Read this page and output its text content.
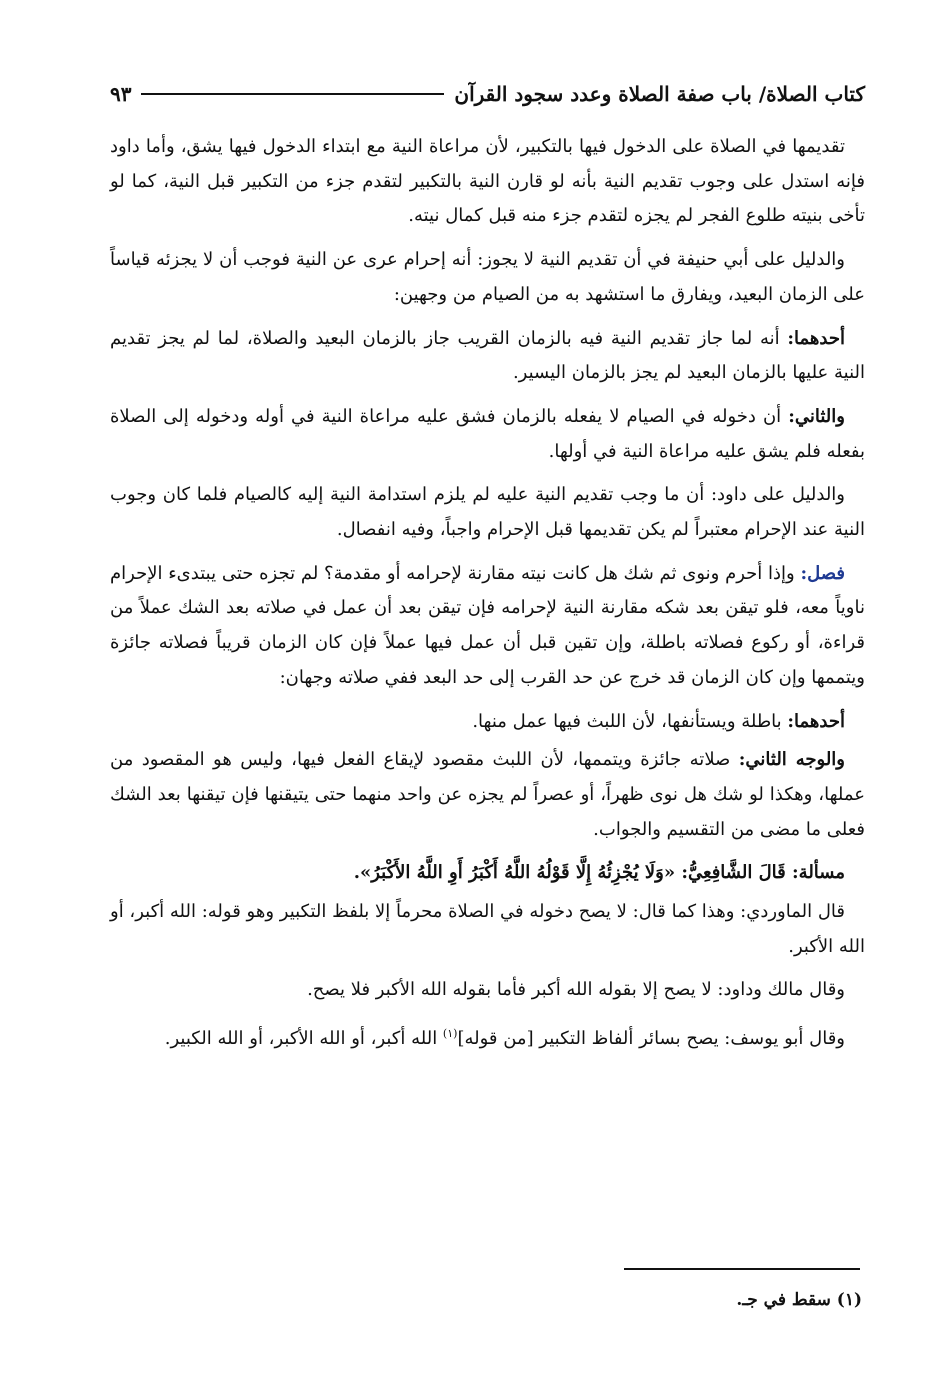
كتاب الصلاة/ باب صفة الصلاة وعدد سجود القرآن
٩٣

تقديمها في الصلاة على الدخول فيها بالتكبير، لأن مراعاة النية مع ابتداء الدخول فيها يشق، وأما داود فإنه استدل على وجوب تقديم النية بأنه لو قارن النية بالتكبير لتقدم جزء من التكبير قبل النية، كما لو تأخى بنيته طلوع الفجر لم يجزه لتقدم جزء منه قبل كمال نيته.

والدليل على أبي حنيفة في أن تقديم النية لا يجوز: أنه إحرام عرى عن النية فوجب أن لا يجزئه قياساً على الزمان البعيد، ويفارق ما استشهد به من الصيام من وجهين:

أحدهما: أنه لما جاز تقديم النية فيه بالزمان القريب جاز بالزمان البعيد والصلاة، لما لم يجز تقديم النية عليها بالزمان البعيد لم يجز بالزمان اليسير.

والثاني: أن دخوله في الصيام لا يفعله بالزمان فشق عليه مراعاة النية في أوله ودخوله إلى الصلاة بفعله فلم يشق عليه مراعاة النية في أولها.

والدليل على داود: أن ما وجب تقديم النية عليه لم يلزم استدامة النية إليه كالصيام فلما كان وجوب النية عند الإحرام معتبراً لم يكن تقديمها قبل الإحرام واجباً، وفيه انفصال.

فصل: وإذا أحرم ونوى ثم شك هل كانت نيته مقارنة لإحرامه أو مقدمة؟ لم تجزه حتى يبتدىء الإحرام ناوياً معه، فلو تيقن بعد شكه مقارنة النية لإحرامه فإن تيقن بعد أن عمل في صلاته بعد الشك عملاً من قراءة، أو ركوع فصلاته باطلة، وإن تقين قبل أن عمل فيها عملاً فإن كان الزمان قريباً فصلاته جائزة ويتممها وإن كان الزمان قد خرج عن حد القرب إلى حد البعد ففي صلاته وجهان:

أحدهما: باطلة ويستأنفها، لأن اللبث فيها عمل منها.

والوجه الثاني: صلاته جائزة ويتممها، لأن اللبث مقصود لإيقاع الفعل فيها، وليس هو المقصود من عملها، وهكذا لو شك هل نوى ظهراً، أو عصراً لم يجزه عن واحد منهما حتى يتيقنها فإن تيقنها بعد الشك فعلى ما مضى من التقسيم والجواب.

مسألة: قَالَ الشَّافِعِيُّ: «وَلَا يُجْزِئُهُ إِلَّا قَوْلُهُ اللَّهُ أَكْبَرُ أَوِ اللَّهُ الأَكْبَرُ».

قال الماوردي: وهذا كما قال: لا يصح دخوله في الصلاة محرماً إلا بلفظ التكبير وهو قوله: الله أكبر، أو الله الأكبر.

وقال مالك وداود: لا يصح إلا بقوله الله أكبر فأما بقوله الله الأكبر فلا يصح.

وقال أبو يوسف: يصح بسائر ألفاظ التكبير [من قوله]$^{(١)}$ الله أكبر، أو الله الأكبر، أو الله الكبير.

(١) سقط في جـ.
